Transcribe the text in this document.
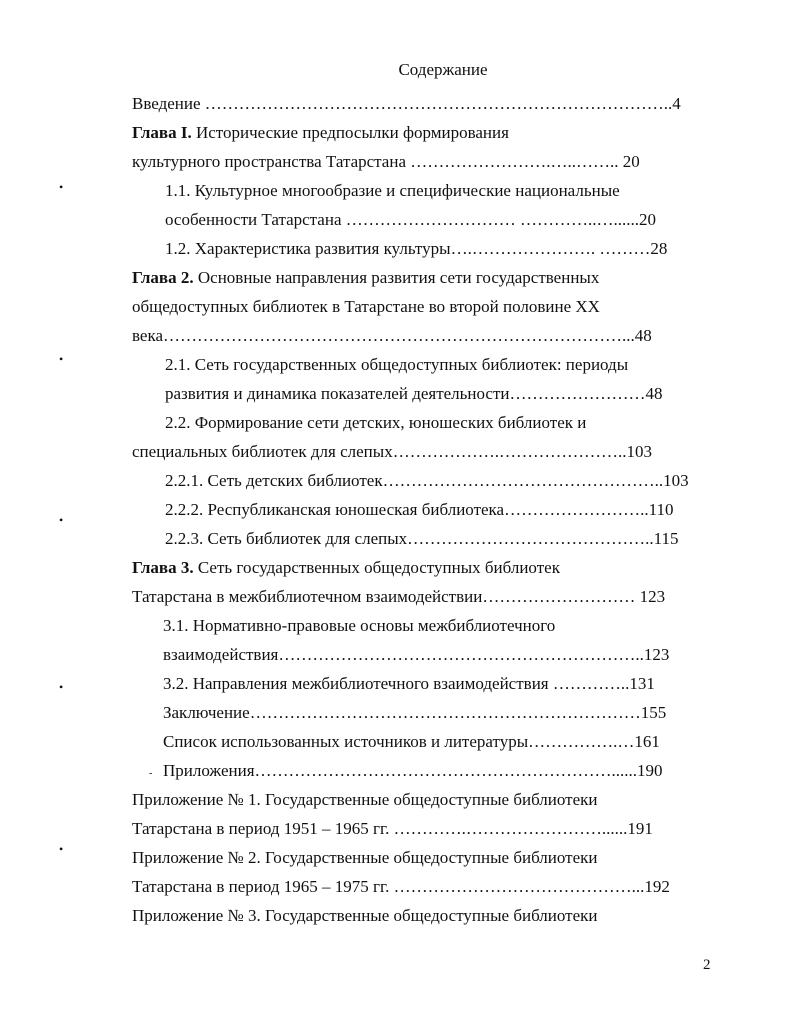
Содержание
Введение ………………………………………………………………………..4
Глава I. Исторические предпосылки формирования
культурного пространства Татарстана …………………….…..…….. 20
1.1. Культурное многообразие и специфические национальные
особенности Татарстана ………………………… …………..…......20
1.2. Характеристика развития культуры….…………………. ………28
Глава 2. Основные направления развития сети государственных
общедоступных библиотек в Татарстане во второй половине XX
века………………………………………………………………………...48
2.1. Сеть государственных общедоступных библиотек: периоды
развития и динамика показателей деятельности……………………48
2.2. Формирование сети детских, юношеских библиотек и
специальных библиотек для слепых……………….…………………..103
2.2.1. Сеть детских библиотек…………………………………………..103
2.2.2. Республиканская юношеская библиотека……………………..110
2.2.3. Сеть библиотек для слепых……………………………………..115
Глава 3. Сеть государственных общедоступных библиотек
Татарстана в межбиблиотечном взаимодействии……………………… 123
3.1. Нормативно-правовые основы межбиблиотечного
взаимодействия………………………………………………………..123
3.2. Направления межбиблиотечного взаимодействия …………..131
Заключение……………………………………………………………155
Список использованных источников и литературы…………….…161
Приложения………………………………………………………......190
Приложение № 1. Государственные общедоступные библиотеки
Татарстана в период 1951 – 1965 гг. ………….……………………......191
Приложение № 2. Государственные общедоступные библиотеки
Татарстана в период 1965 – 1975 гг. ……………………………………...192
Приложение № 3. Государственные общедоступные библиотеки
•
•
•
•
•
-
2
